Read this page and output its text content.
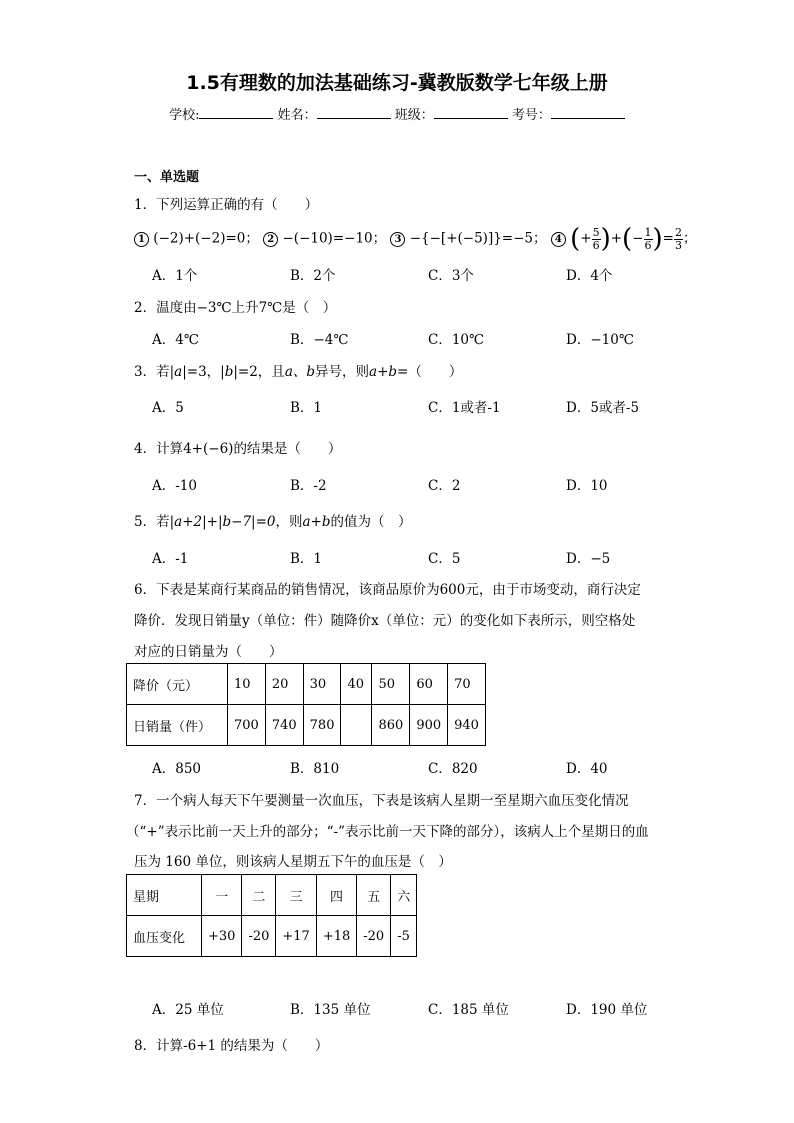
1.5有理数的加法基础练习-冀教版数学七年级上册
学校:	姓名：	班级：	考号：
一、单选题
1．下列运算正确的有（　　）
1 (−2)+(−2)=0； 2 −(−10)=−10； 3 −{−[+(−5)]}=−5； 4 (+ $\frac{5}{6}$ )+(− $\frac{1}{6}$ )= $\frac{2}{3}$ ；
A．1个	B．2个	C．3个	D．4个
2．温度由−3℃上升7℃是（　）
A．4℃	B．−4℃	C．10℃	D．−10℃
3．若|a|=3，|b|=2，且a、b异号，则a+b=（　　）
A．5	B．1	C．1或者-1	D．5或者-5
4．计算4+(−6)的结果是（　　）
A．-10	B．-2	C．2	D．10
5．若|a+2|+|b−7|=0，则a+b的值为（　）
A．-1	B．1	C．5	D．−5
6．下表是某商行某商品的销售情况，该商品原价为600元，由于市场变动，商行决定
降价．发现日销量y（单位：件）随降价x（单位：元）的变化如下表所示，则空格处
对应的日销量为（　　）
降价（元）	10	20	30	40	50	60	70
日销量（件）	700	740	780		860	900	940
A．850	B．810	C．820	D．40
7．一个病人每天下午要测量一次血压，下表是该病人星期一至星期六血压变化情况
（“+”表示比前一天上升的部分；“-”表示比前一天下降的部分），该病人上个星期日的血
压为 160 单位，则该病人星期五下午的血压是（　）
星期	一	二	三	四	五	六
血压变化	+30	-20	+17	+18	-20	-5
A．25 单位	B．135 单位	C．185 单位	D．190 单位
8．计算-6+1 的结果为（　　）
